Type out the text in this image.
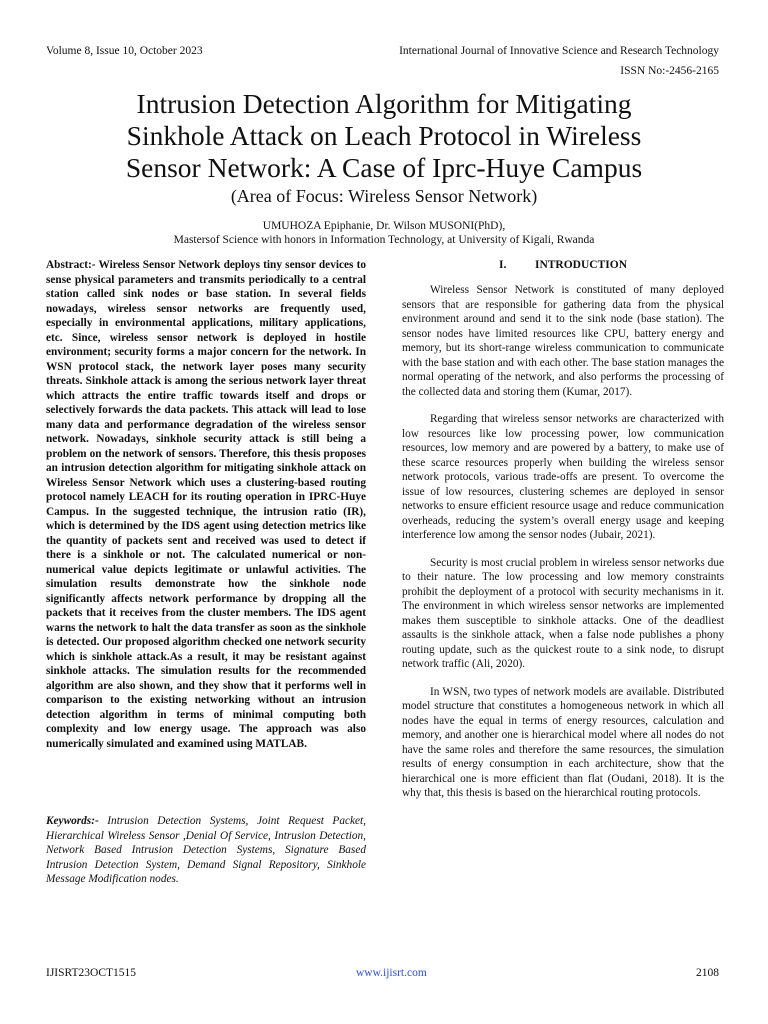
Volume 8, Issue 10, October 2023	International Journal of Innovative Science and Research Technology
ISSN No:-2456-2165
Intrusion Detection Algorithm for Mitigating
Sinkhole Attack on Leach Protocol in Wireless
Sensor Network: A Case of Iprc-Huye Campus
(Area of Focus: Wireless Sensor Network)
UMUHOZA Epiphanie, Dr. Wilson MUSONI(PhD),
Mastersof Science with honors in Information Technology, at University of Kigali, Rwanda

Abstract:- Wireless Sensor Network deploys tiny sensor devices to sense physical parameters and transmits periodically to a central station called sink nodes or base station. In several fields nowadays, wireless sensor networks are frequently used, especially in environmental applications, military applications, etc. Since, wireless sensor network is deployed in hostile environment; security forms a major concern for the network. In WSN protocol stack, the network layer poses many security threats. Sinkhole attack is among the serious network layer threat which attracts the entire traffic towards itself and drops or selectively forwards the data packets. This attack will lead to lose many data and performance degradation of the wireless sensor network. Nowadays, sinkhole security attack is still being a problem on the network of sensors. Therefore, this thesis proposes an intrusion detection algorithm for mitigating sinkhole attack on Wireless Sensor Network which uses a clustering-based routing protocol namely LEACH for its routing operation in IPRC-Huye Campus. In the suggested technique, the intrusion ratio (IR), which is determined by the IDS agent using detection metrics like the quantity of packets sent and received was used to detect if there is a sinkhole or not. The calculated numerical or non-numerical value depicts legitimate or unlawful activities. The simulation results demonstrate how the sinkhole node significantly affects network performance by dropping all the packets that it receives from the cluster members. The IDS agent warns the network to halt the data transfer as soon as the sinkhole is detected. Our proposed algorithm checked one network security which is sinkhole attack.As a result, it may be resistant against sinkhole attacks. The simulation results for the recommended algorithm are also shown, and they show that it performs well in comparison to the existing networking without an intrusion detection algorithm in terms of minimal computing both complexity and low energy usage. The approach was also numerically simulated and examined using MATLAB.

Keywords:- Intrusion Detection Systems, Joint Request Packet, Hierarchical Wireless Sensor ,Denial Of Service, Intrusion Detection, Network Based Intrusion Detection Systems, Signature Based Intrusion Detection System, Demand Signal Repository, Sinkhole Message Modification nodes.

I. INTRODUCTION

Wireless Sensor Network is constituted of many deployed sensors that are responsible for gathering data from the physical environment around and send it to the sink node (base station). The sensor nodes have limited resources like CPU, battery energy and memory, but its short-range wireless communication to communicate with the base station and with each other. The base station manages the normal operating of the network, and also performs the processing of the collected data and storing them (Kumar, 2017).

Regarding that wireless sensor networks are characterized with low resources like low processing power, low communication resources, low memory and are powered by a battery, to make use of these scarce resources properly when building the wireless sensor network protocols, various trade-offs are present. To overcome the issue of low resources, clustering schemes are deployed in sensor networks to ensure efficient resource usage and reduce communication overheads, reducing the system’s overall energy usage and keeping interference low among the sensor nodes (Jubair, 2021).

Security is most crucial problem in wireless sensor networks due to their nature. The low processing and low memory constraints prohibit the deployment of a protocol with security mechanisms in it. The environment in which wireless sensor networks are implemented makes them susceptible to sinkhole attacks. One of the deadliest assaults is the sinkhole attack, when a false node publishes a phony routing update, such as the quickest route to a sink node, to disrupt network traffic (Ali, 2020).

In WSN, two types of network models are available. Distributed model structure that constitutes a homogeneous network in which all nodes have the equal in terms of energy resources, calculation and memory, and another one is hierarchical model where all nodes do not have the same roles and therefore the same resources, the simulation results of energy consumption in each architecture, show that the hierarchical one is more efficient than flat (Oudani, 2018). It is the why that, this thesis is based on the hierarchical routing protocols.

IJISRT23OCT1515	www.ijisrt.com	2108
